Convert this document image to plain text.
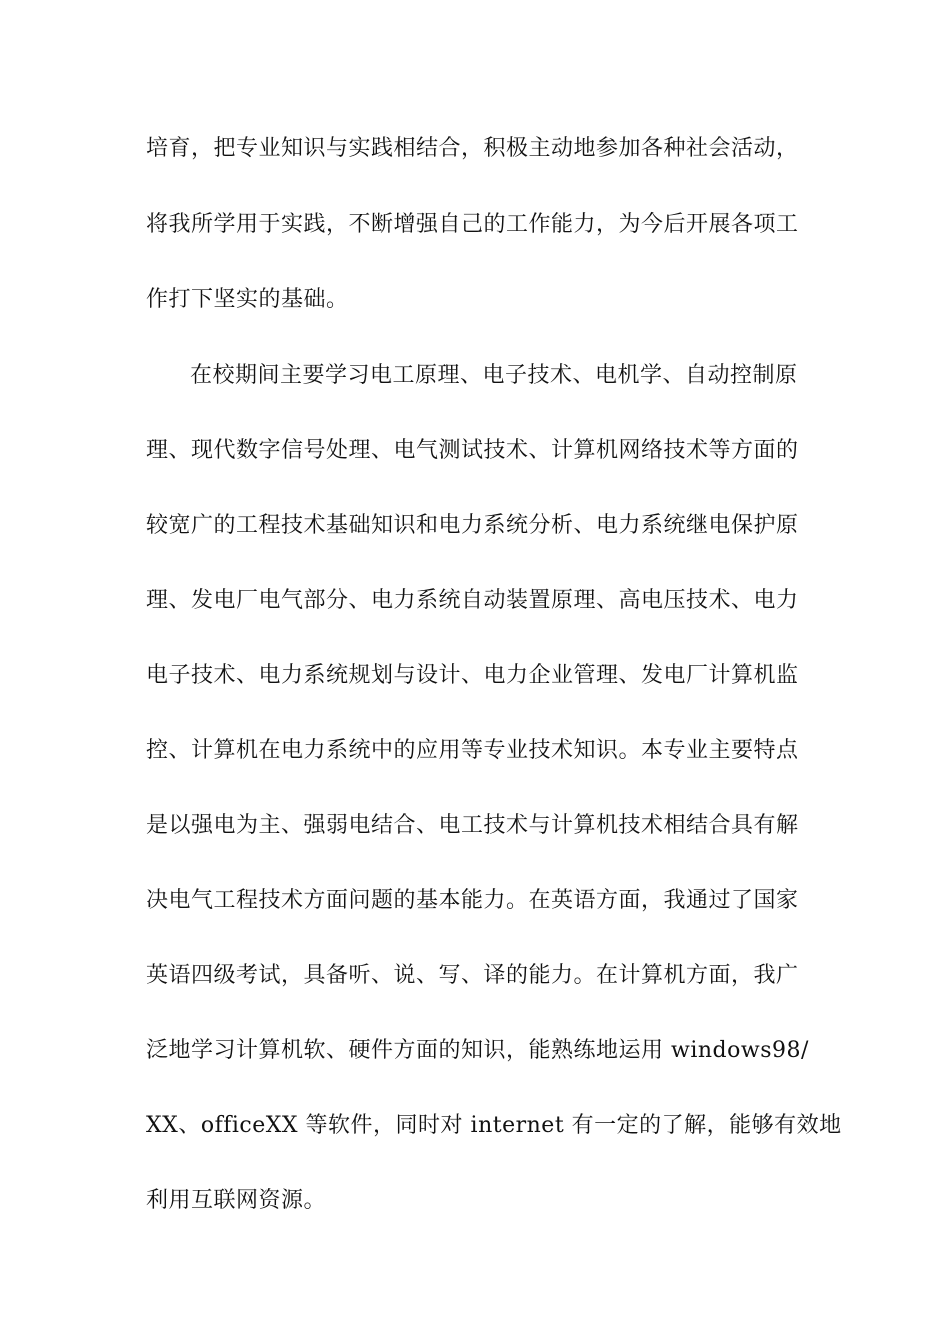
培育，把专业知识与实践相结合，积极主动地参加各种社会活动，
将我所学用于实践，不断增强自己的工作能力，为今后开展各项工
作打下坚实的基础。
在校期间主要学习电工原理、电子技术、电机学、自动控制原
理、现代数字信号处理、电气测试技术、计算机网络技术等方面的
较宽广的工程技术基础知识和电力系统分析、电力系统继电保护原
理、发电厂电气部分、电力系统自动装置原理、高电压技术、电力
电子技术、电力系统规划与设计、电力企业管理、发电厂计算机监
控、计算机在电力系统中的应用等专业技术知识。本专业主要特点
是以强电为主、强弱电结合、电工技术与计算机技术相结合具有解
决电气工程技术方面问题的基本能力。在英语方面，我通过了国家
英语四级考试，具备听、说、写、译的能力。在计算机方面，我广
泛地学习计算机软、硬件方面的知识，能熟练地运用 windows98/
XX、officeXX 等软件，同时对 internet 有一定的了解，能够有效地
利用互联网资源。
